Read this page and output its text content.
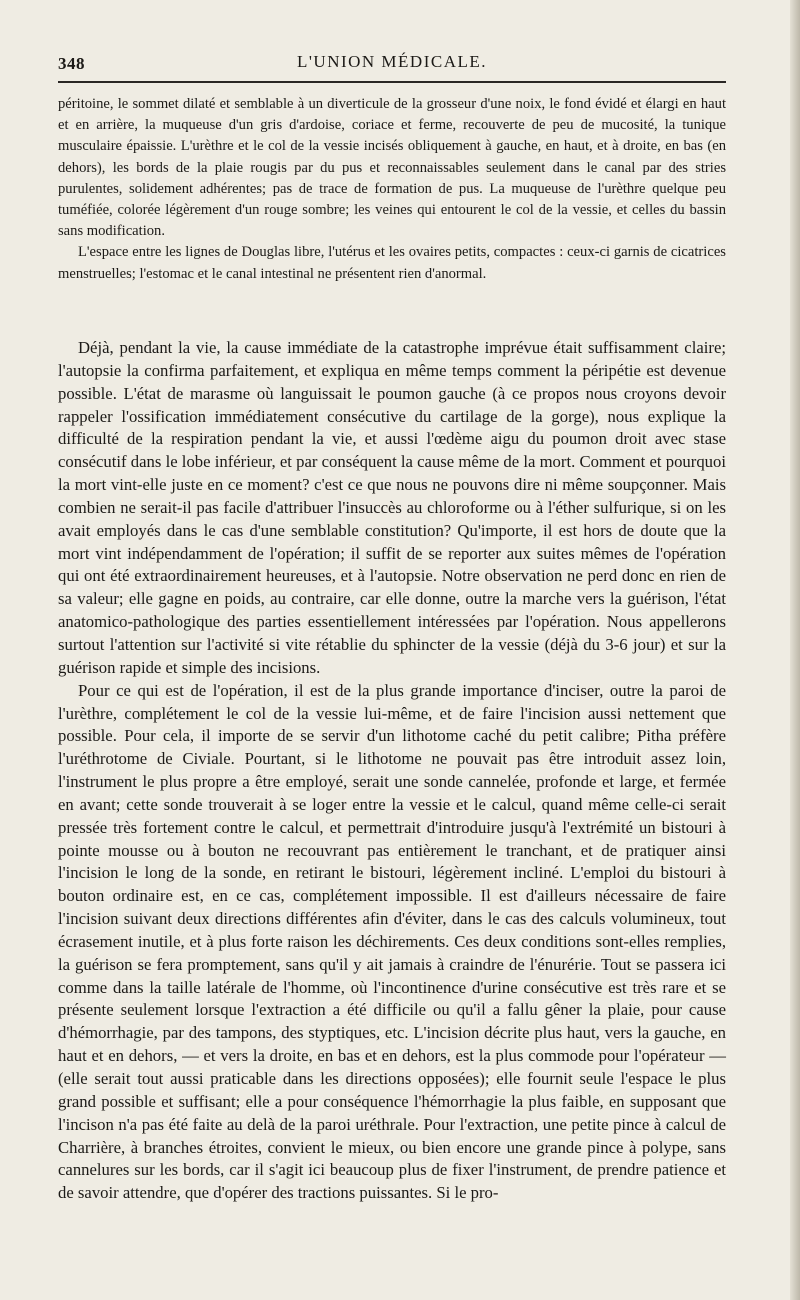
348	L'UNION MÉDICALE.

péritoine, le sommet dilaté et semblable à un diverticule de la grosseur d'une noix, le fond évidé et élargi en haut et en arrière, la muqueuse d'un gris d'ardoise, coriace et ferme, recouverte de peu de mucosité, la tunique musculaire épaissie. L'urèthre et le col de la vessie incisés obliquement à gauche, en haut, et à droite, en bas (en dehors), les bords de la plaie rougis par du pus et reconnaissables seulement dans le canal par des stries purulentes, solidement adhérentes; pas de trace de formation de pus. La muqueuse de l'urèthre quelque peu tuméfiée, colorée légèrement d'un rouge sombre; les veines qui entourent le col de la vessie, et celles du bassin sans modification.

L'espace entre les lignes de Douglas libre, l'utérus et les ovaires petits, compactes : ceux-ci garnis de cicatrices menstruelles; l'estomac et le canal intestinal ne présentent rien d'anormal.

Déjà, pendant la vie, la cause immédiate de la catastrophe imprévue était suffisamment claire; l'autopsie la confirma parfaitement, et expliqua en même temps comment la péripétie est devenue possible. L'état de marasme où languissait le poumon gauche (à ce propos nous croyons devoir rappeler l'ossification immédiatement consécutive du cartilage de la gorge), nous explique la difficulté de la respiration pendant la vie, et aussi l'œdème aigu du poumon droit avec stase consécutif dans le lobe inférieur, et par conséquent la cause même de la mort. Comment et pourquoi la mort vint-elle juste en ce moment? c'est ce que nous ne pouvons dire ni même soupçonner. Mais combien ne serait-il pas facile d'attribuer l'insuccès au chloroforme ou à l'éther sulfurique, si on les avait employés dans le cas d'une semblable constitution? Qu'importe, il est hors de doute que la mort vint indépendamment de l'opération; il suffit de se reporter aux suites mêmes de l'opération qui ont été extraordinairement heureuses, et à l'autopsie. Notre observation ne perd donc en rien de sa valeur; elle gagne en poids, au contraire, car elle donne, outre la marche vers la guérison, l'état anatomico-pathologique des parties essentiellement intéressées par l'opération. Nous appellerons surtout l'attention sur l'activité si vite rétablie du sphincter de la vessie (déjà du 3-6 jour) et sur la guérison rapide et simple des incisions.

Pour ce qui est de l'opération, il est de la plus grande importance d'inciser, outre la paroi de l'urèthre, complétement le col de la vessie lui-même, et de faire l'incision aussi nettement que possible. Pour cela, il importe de se servir d'un lithotome caché du petit calibre; Pitha préfère l'uréthrotome de Civiale. Pourtant, si le lithotome ne pouvait pas être introduit assez loin, l'instrument le plus propre a être employé, serait une sonde cannelée, profonde et large, et fermée en avant; cette sonde trouverait à se loger entre la vessie et le calcul, quand même celle-ci serait pressée très fortement contre le calcul, et permettrait d'introduire jusqu'à l'extrémité un bistouri à pointe mousse ou à bouton ne recouvrant pas entièrement le tranchant, et de pratiquer ainsi l'incision le long de la sonde, en retirant le bistouri, légèrement incliné. L'emploi du bistouri à bouton ordinaire est, en ce cas, complétement impossible. Il est d'ailleurs nécessaire de faire l'incision suivant deux directions différentes afin d'éviter, dans le cas des calculs volumineux, tout écrasement inutile, et à plus forte raison les déchirements. Ces deux conditions sont-elles remplies, la guérison se fera promptement, sans qu'il y ait jamais à craindre de l'énurérie. Tout se passera ici comme dans la taille latérale de l'homme, où l'incontinence d'urine consécutive est très rare et se présente seulement lorsque l'extraction a été difficile ou qu'il a fallu gêner la plaie, pour cause d'hémorrhagie, par des tampons, des styptiques, etc. L'incision décrite plus haut, vers la gauche, en haut et en dehors, — et vers la droite, en bas et en dehors, est la plus commode pour l'opérateur — (elle serait tout aussi praticable dans les directions opposées); elle fournit seule l'espace le plus grand possible et suffisant; elle a pour conséquence l'hémorrhagie la plus faible, en supposant que l'incison n'a pas été faite au delà de la paroi uréthrale. Pour l'extraction, une petite pince à calcul de Charrière, à branches étroites, convient le mieux, ou bien encore une grande pince à polype, sans cannelures sur les bords, car il s'agit ici beaucoup plus de fixer l'instrument, de prendre patience et de savoir attendre, que d'opérer des tractions puissantes. Si le pro-
